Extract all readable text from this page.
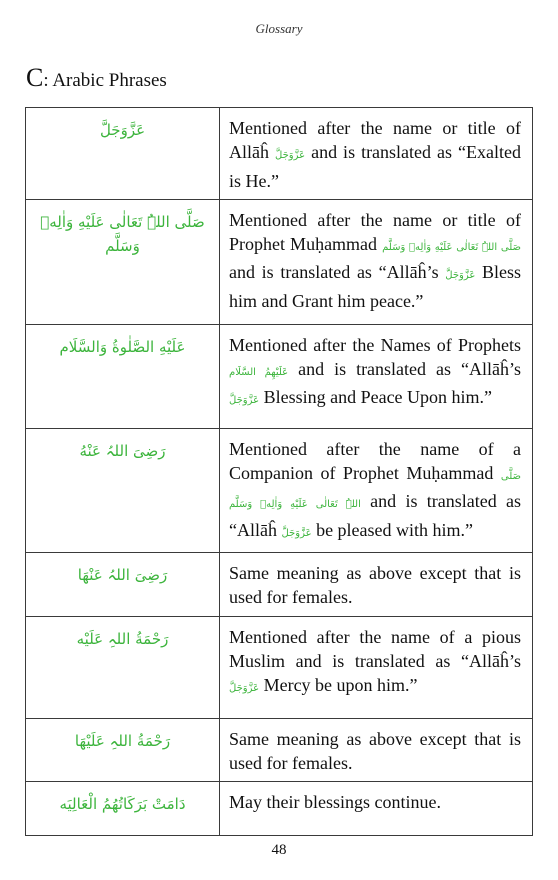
Glossary
C: Arabic Phrases
عَزَّوَجَلَّ	Mentioned after the name or title of Allāĥ عَزَّوَجَلَّ and is translated as “Exalted is He.”
صَلَّی اللہُ تَعَالٰی عَلَیْهِ وَاٰلِهٖ وَسَلَّم	Mentioned after the name or title of Prophet Muḥammad صَلَّی اللہُ تَعَالٰی عَلَیْهِ وَاٰلِهٖ وَسَلَّم and is translated as “Allāĥ’s عَزَّوَجَلَّ Bless him and Grant him peace.”
عَلَیْهِ الصَّلٰوةُ وَالسَّلَام	Mentioned after the Names of Prophets عَلَیْهِمُ السَّلَام and is translated as “Allāĥ’s عَزَّوَجَلَّ Blessing and Peace Upon him.”
رَضِیَ اللہُ عَنْهُ	Mentioned after the name of a Companion of Prophet Muḥammad صَلَّی اللہُ تَعَالٰی عَلَیْهِ وَاٰلِهٖ وَسَلَّم and is translated as “Allāĥ عَزَّوَجَلَّ be pleased with him.”
رَضِیَ اللہُ عَنْهَا	Same meaning as above except that is used for females.
رَحْمَةُ اللہِ عَلَیْه	Mentioned after the name of a pious Muslim and is translated as “Allāĥ’s عَزَّوَجَلَّ Mercy be upon him.”
رَحْمَةُ اللہِ عَلَیْهَا	Same meaning as above except that is used for females.
دَامَتْ بَرَکَاتُهُمُ الْعَالِیَه	May their blessings continue.
48
